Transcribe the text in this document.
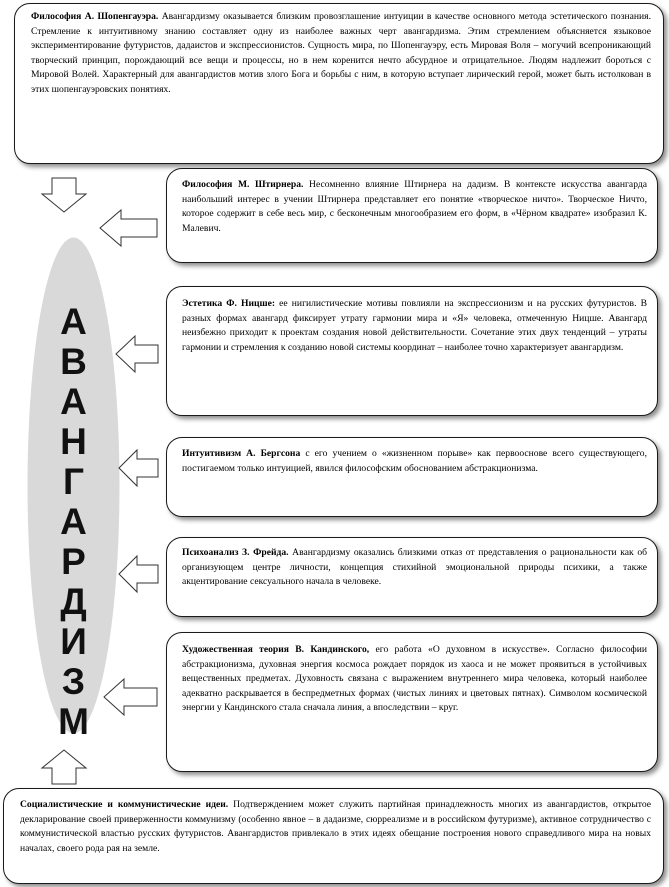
А
В
А
Н
Г
А
Р
Д
И
З
М
Философия А. Шопенгауэра. Авангардизму оказывается близким провозглашение интуиции в качестве основного метода эстетического познания. Стремление к интуитивному знанию составляет одну из наиболее важных черт авангардизма. Этим стремлением объясняется языковое экспериментирование футуристов, дадаистов и экспрессионистов. Сущность мира, по Шопенгауэру, есть Мировая Воля – могучий всепроникающий творческий принцип, порождающий все вещи и процессы, но в нем коренится нечто абсурдное и отрицательное. Людям надлежит бороться с Мировой Волей. Характерный для авангардистов мотив злого Бога и борьбы с ним, в которую вступает лирический герой, может быть истолкован в этих шопенгауэровских понятиях.
Философия М. Штирнера. Несомненно влияние Штирнера на дадизм. В контексте искусства авангарда наибольший интерес в учении Штирнера представляет его понятие «творческое ничто». Творческое Ничто, которое содержит в себе весь мир, с бесконечным многообразием его форм, в «Чёрном квадрате» изобразил К. Малевич.
Эстетика Ф. Ницше: ее нигилистические мотивы повлияли на экспрессионизм и на русских футуристов. В разных формах авангард фиксирует утрату гармонии мира и «Я» человека, отмеченную Ницше. Авангард неизбежно приходит к проектам создания новой действительности. Сочетание этих двух тенденций – утраты гармонии и стремления к созданию новой системы координат – наиболее точно характеризует авангардизм.
Интуитивизм А. Бергсона с его учением о «жизненном порыве» как первооснове всего существующего, постигаемом только интуицией, явился философским обоснованием абстракционизма.
Психоанализ З. Фрейда. Авангардизму оказались близкими отказ от представления о рациональности как об организующем центре личности, концепция стихийной эмоциональной природы психики, а также акцентирование сексуального начала в человеке.
Художественная теория В. Кандинского, его работа «О духовном в искусстве». Согласно философии абстракционизма, духовная энергия космоса рождает порядок из хаоса и не может проявиться в устойчивых вещественных предметах. Духовность связана с выражением внутреннего мира человека, который наиболее адекватно раскрывается в беспредметных формах (чистых линиях и цветовых пятнах). Символом космической энергии у Кандинского стала сначала линия, а впоследствии – круг.
Социалистические и коммунистические идеи. Подтверждением может служить партийная принадлежность многих из авангардистов, открытое декларирование своей приверженности коммунизму (особенно явное – в дадаизме, сюрреализме и в российском футуризме), активное сотрудничество с коммунистической властью русских футуристов. Авангардистов привлекало в этих идеях обещание построения нового справедливого мира на новых началах, своего рода рая на земле.
